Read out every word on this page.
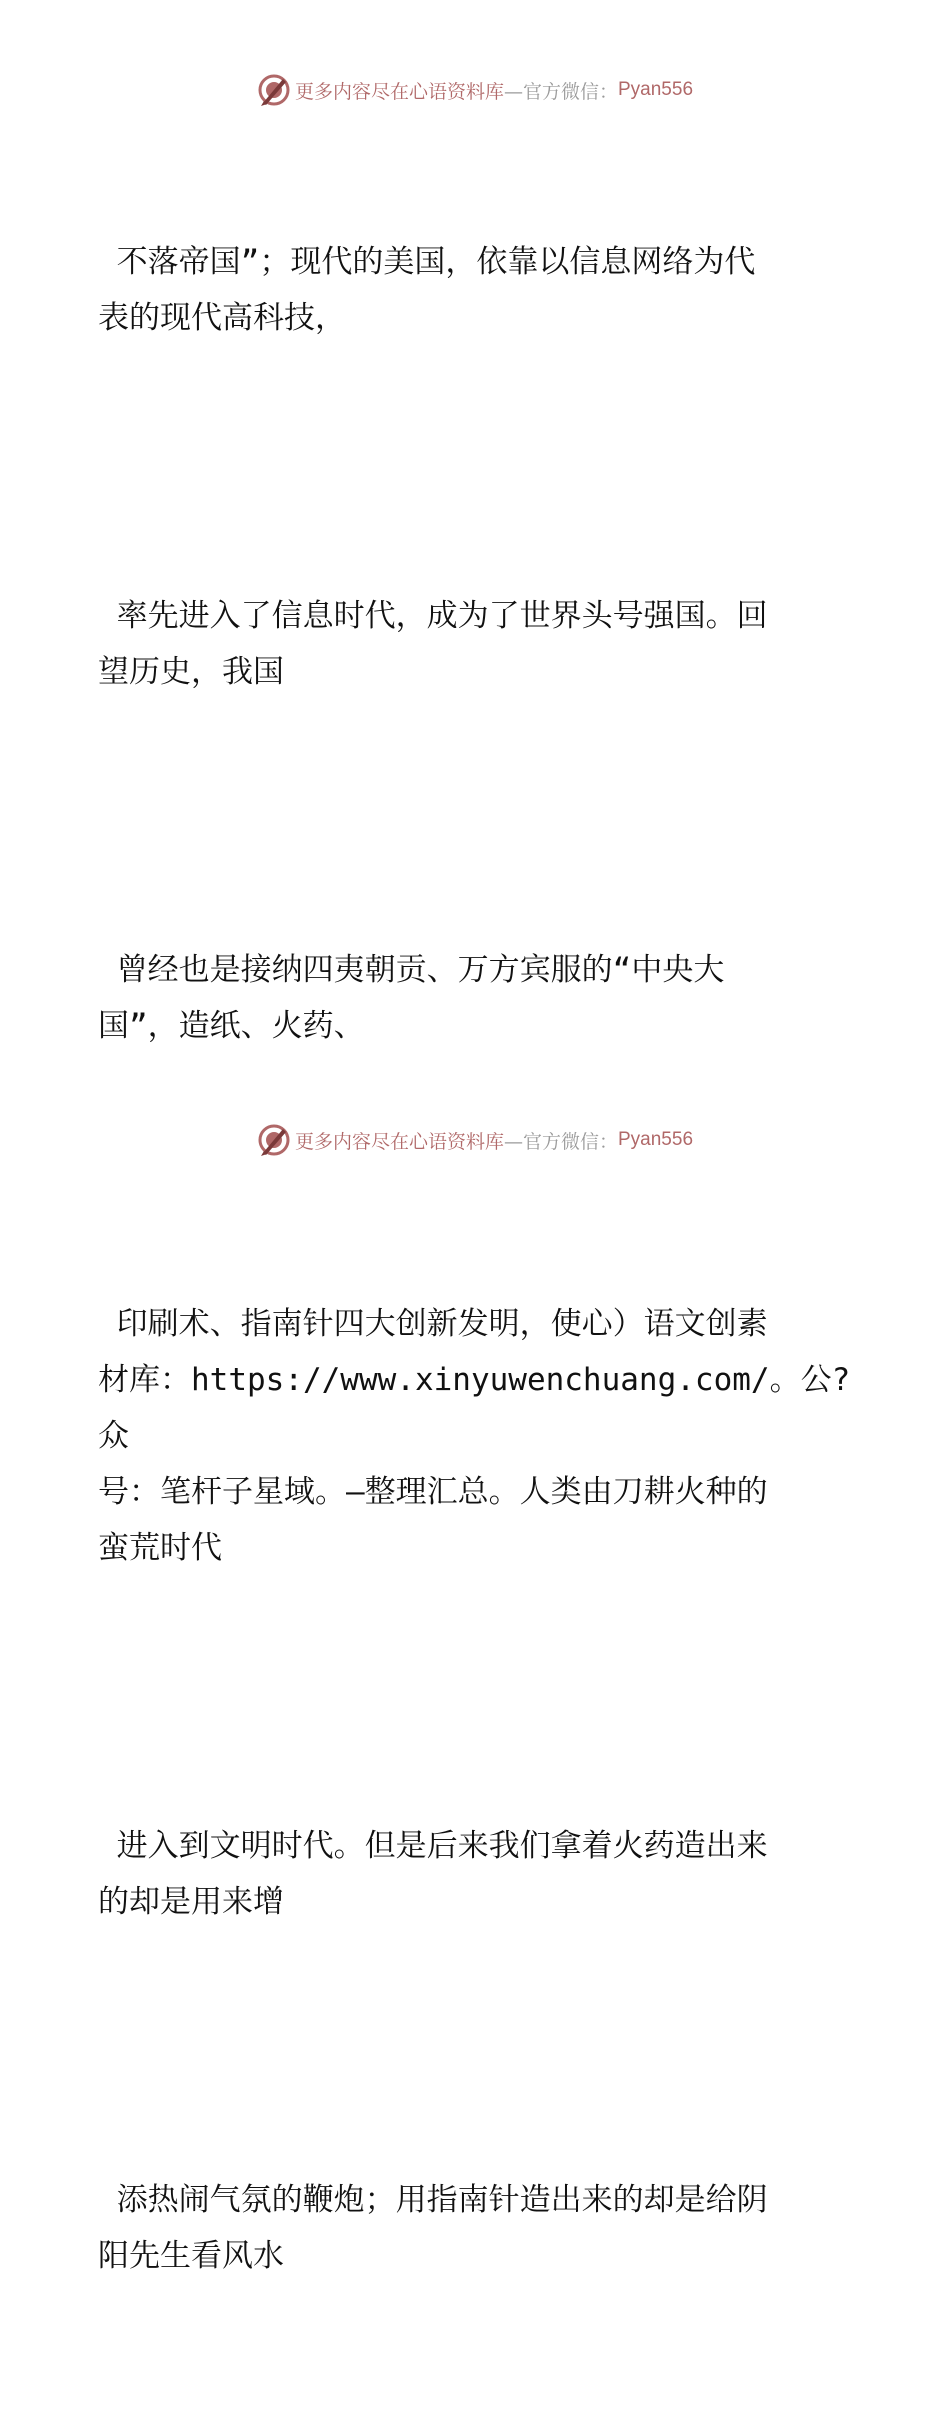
更多内容尽在心语资料库 —官方微信： Pyan556

不落帝国”；现代的美国，依靠以信息网络为代
表的现代高科技，

率先进入了信息时代，成为了世界头号强国。回
望历史，我国

曾经也是接纳四夷朝贡、万方宾服的“中央大
国”，造纸、火药、

印刷术、指南针四大创新发明，使心）语文创素
材库：https://www.xinyuwenchuang.com/。公?众
号：笔杆子星域。—整理汇总。人类由刀耕火种的
蛮荒时代

进入到文明时代。但是后来我们拿着火药造出来
的却是用来增

添热闹气氛的鞭炮；用指南针造出来的却是给阴
阳先生看风水

更多内容尽在心语资料库 —官方微信： Pyan556
